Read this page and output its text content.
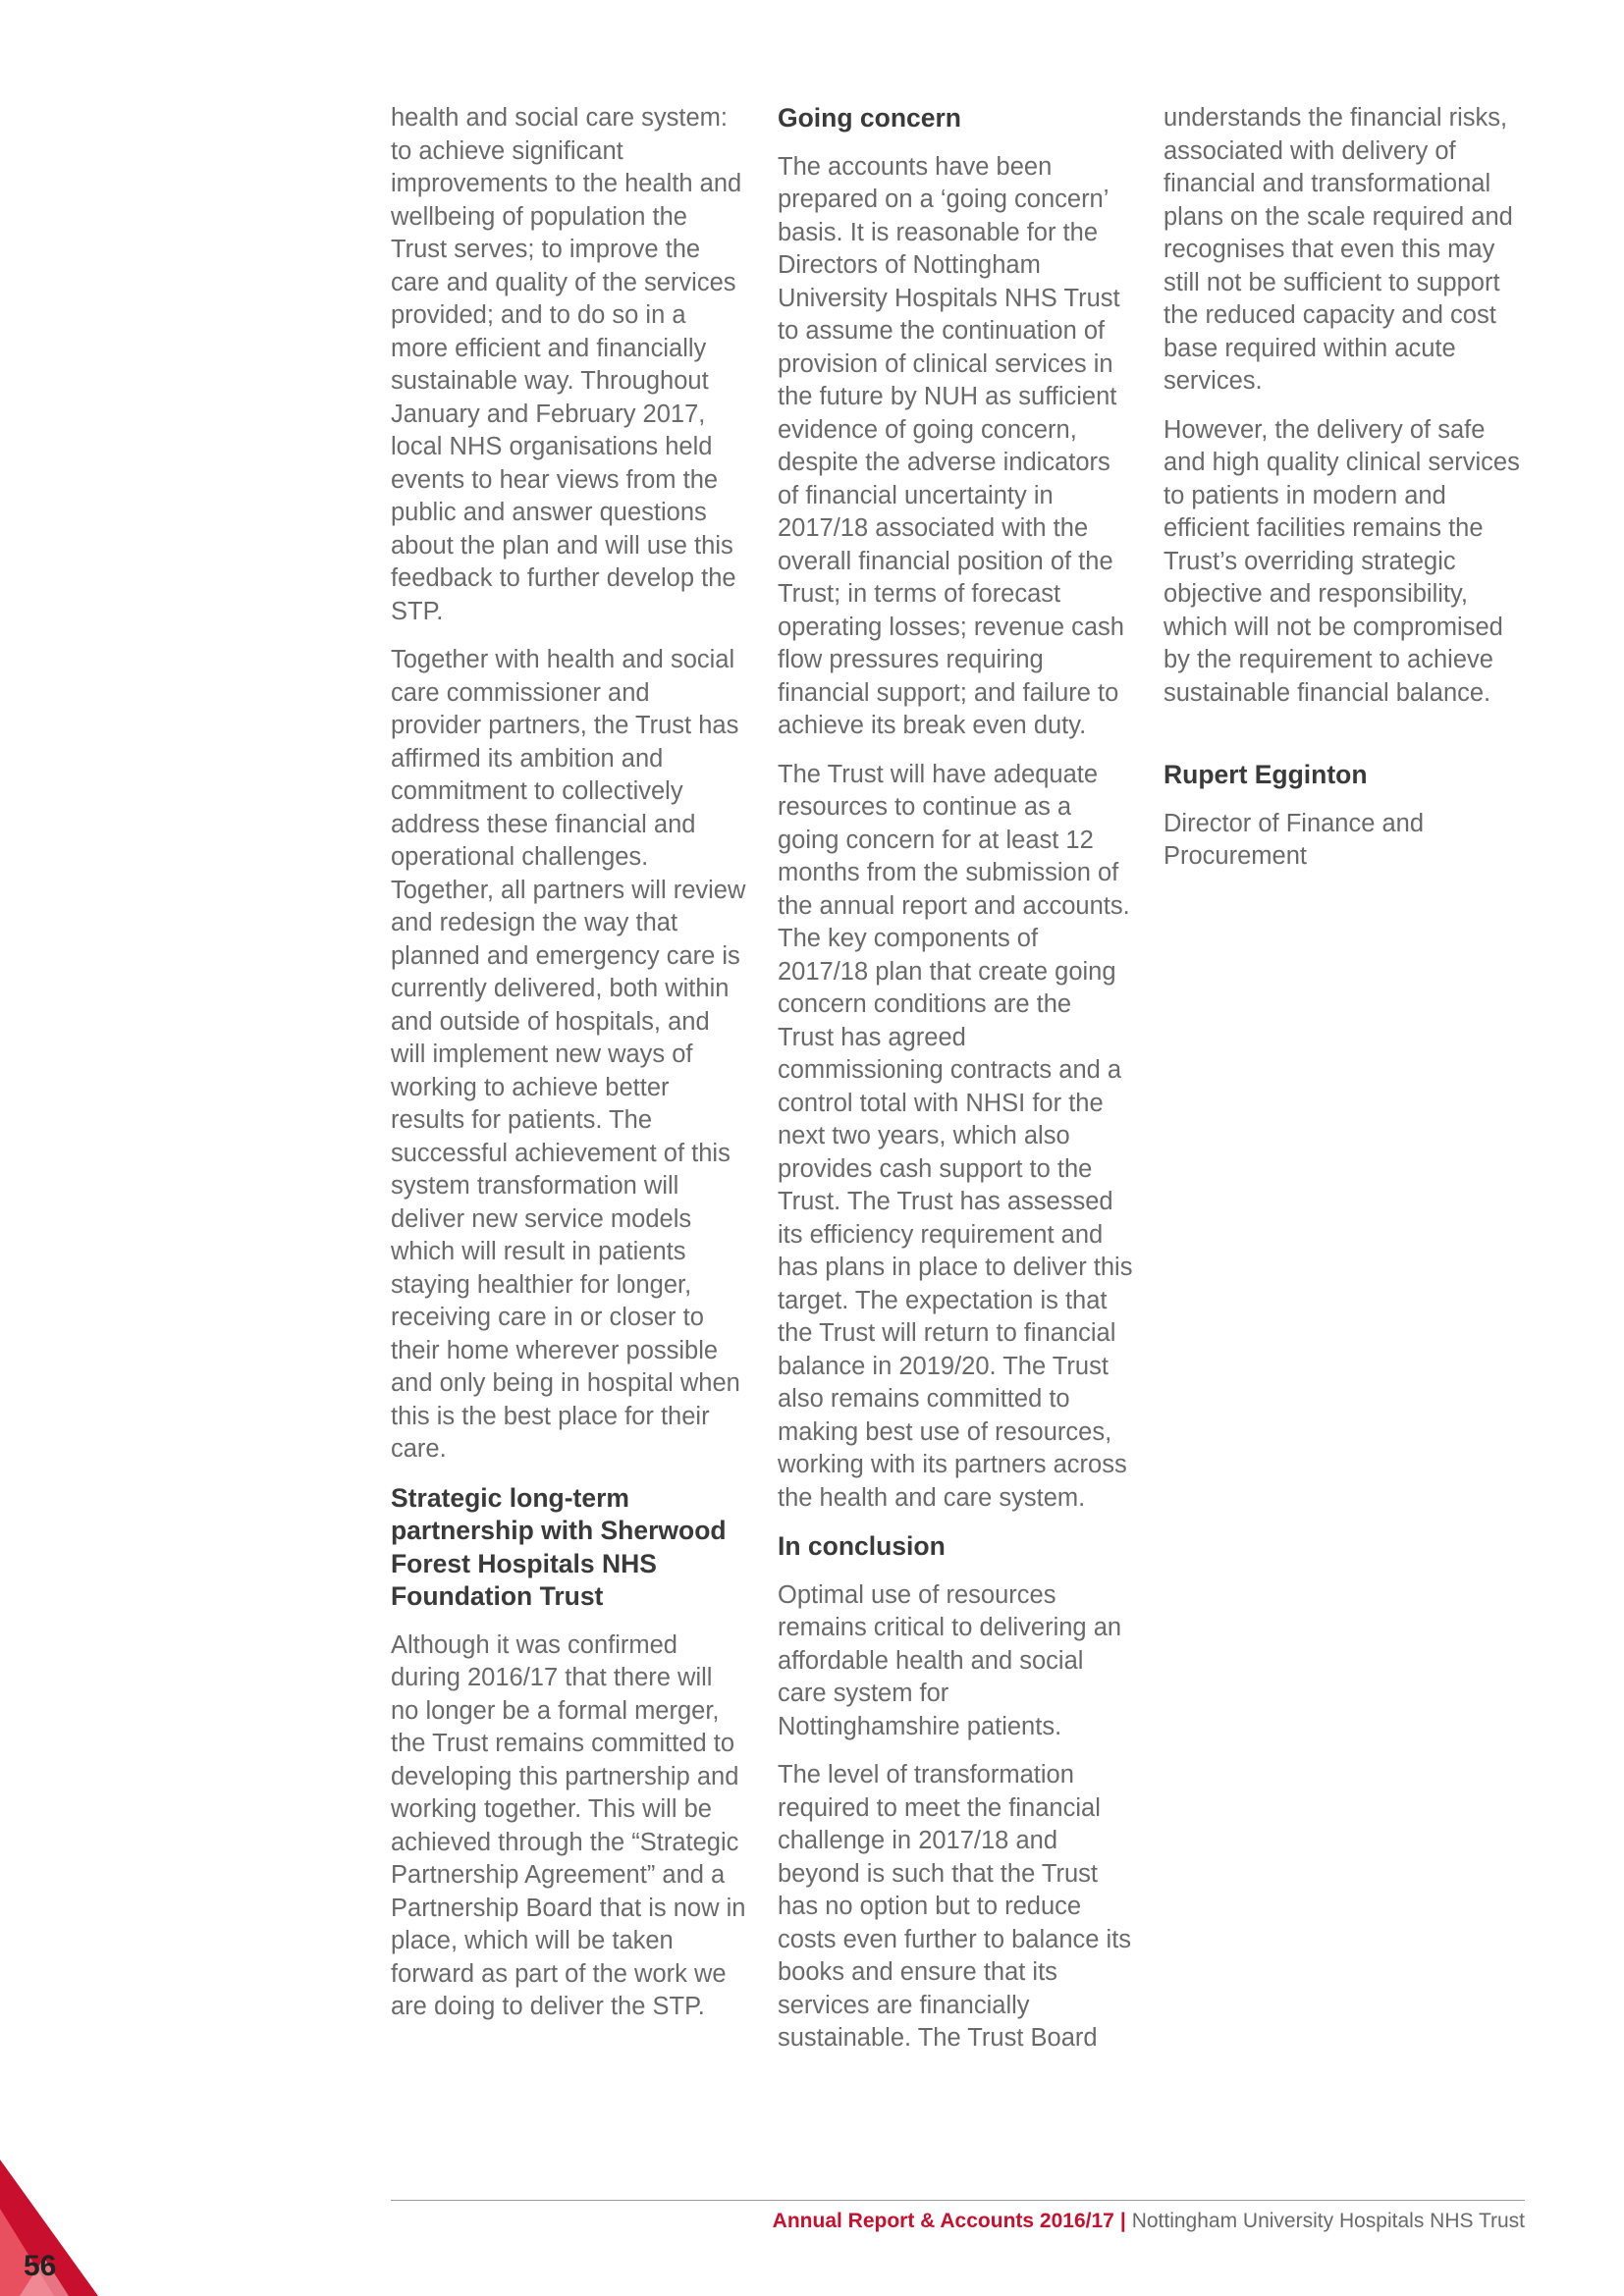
health and social care system: to achieve significant improvements to the health and wellbeing of population the Trust serves; to improve the care and quality of the services provided; and to do so in a more efficient and financially sustainable way. Throughout January and February 2017, local NHS organisations held events to hear views from the public and answer questions about the plan and will use this feedback to further develop the STP.

Together with health and social care commissioner and provider partners, the Trust has affirmed its ambition and commitment to collectively address these financial and operational challenges. Together, all partners will review and redesign the way that planned and emergency care is currently delivered, both within and outside of hospitals, and will implement new ways of working to achieve better results for patients. The successful achievement of this system transformation will deliver new service models which will result in patients staying healthier for longer, receiving care in or closer to their home wherever possible and only being in hospital when this is the best place for their care.

Strategic long-term partnership with Sherwood Forest Hospitals NHS Foundation Trust

Although it was confirmed during 2016/17 that there will no longer be a formal merger, the Trust remains committed to developing this partnership and working together. This will be achieved through the “Strategic Partnership Agreement” and a Partnership Board that is now in place, which will be taken forward as part of the work we are doing to deliver the STP.

Going concern

The accounts have been prepared on a ‘going concern’ basis. It is reasonable for the Directors of Nottingham University Hospitals NHS Trust to assume the continuation of provision of clinical services in the future by NUH as sufficient evidence of going concern, despite the adverse indicators of financial uncertainty in 2017/18 associated with the overall financial position of the Trust; in terms of forecast operating losses; revenue cash flow pressures requiring financial support; and failure to achieve its break even duty.

The Trust will have adequate resources to continue as a going concern for at least 12 months from the submission of the annual report and accounts. The key components of 2017/18 plan that create going concern conditions are the Trust has agreed commissioning contracts and a control total with NHSI for the next two years, which also provides cash support to the Trust. The Trust has assessed its efficiency requirement and has plans in place to deliver this target. The expectation is that the Trust will return to financial balance in 2019/20. The Trust also remains committed to making best use of resources, working with its partners across the health and care system.

In conclusion

Optimal use of resources remains critical to delivering an affordable health and social care system for Nottinghamshire patients.

The level of transformation required to meet the financial challenge in 2017/18 and beyond is such that the Trust has no option but to reduce costs even further to balance its books and ensure that its services are financially sustainable. The Trust Board

understands the financial risks, associated with delivery of financial and transformational plans on the scale required and recognises that even this may still not be sufficient to support the reduced capacity and cost base required within acute services.

However, the delivery of safe and high quality clinical services to patients in modern and efficient facilities remains the Trust’s overriding strategic objective and responsibility, which will not be compromised by the requirement to achieve sustainable financial balance.

Rupert Egginton

Director of Finance and Procurement

Annual Report & Accounts 2016/17 | Nottingham University Hospitals NHS Trust
56
